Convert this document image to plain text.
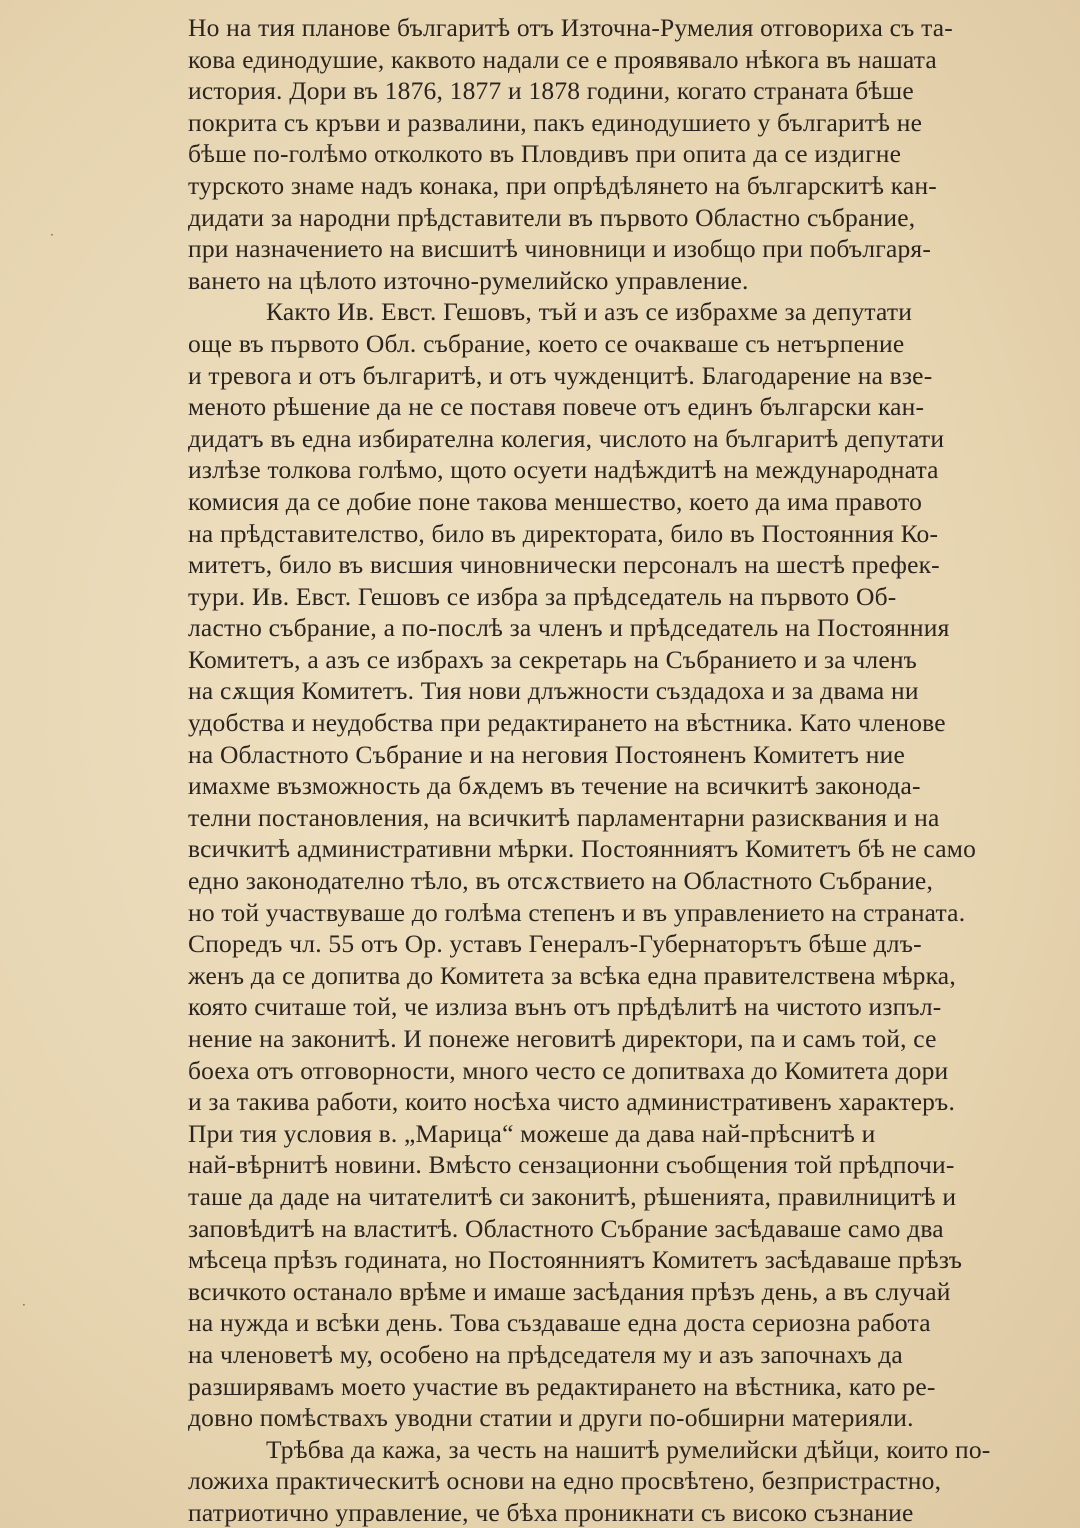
·
·
Но на тия планове българитѣ отъ Източна-Румелия отговориха съ та-
кова единодушие, каквото надали се е проявявало нѣкога въ нашата
история. Дори въ 1876, 1877 и 1878 години, когато страната бѣше
покрита съ кръви и развалини, пакъ единодушието у българитѣ не
бѣше по-голѣмо отколкото въ Пловдивъ при опита да се издигне
турското знаме надъ конака, при опрѣдѣлянето на българскитѣ кан-
дидати за народни прѣдставители въ първото Областно събрание,
при назначението на висшитѣ чиновници и изобщо при побългаря-
ването на цѣлото източно-румелийско управление.
Както Ив. Евст. Гешовъ, тъй и азъ се избрахме за депутати
още въ първото Обл. събрание, което се очакваше съ нетърпение
и тревога и отъ българитѣ, и отъ чужденцитѣ. Благодарение на взе-
меното рѣшение да не се поставя повече отъ единъ български кан-
дидатъ въ една избирателна колегия, числото на българитѣ депутати
излѣзе толкова голѣмо, щото осуети надѣждитѣ на международната
комисия да се добие поне такова меншество, което да има правото
на прѣдставителство, било въ директората, било въ Постоянния Ко-
митетъ, било въ висшия чиновнически персоналъ на шестѣ префек-
тури. Ив. Евст. Гешовъ се избра за прѣдседатель на първото Об-
ластно събрание, а по-послѣ за членъ и прѣдседатель на Постоянния
Комитетъ, а азъ се избрахъ за секретарь на Събранието и за членъ
на сѫщия Комитетъ. Тия нови длъжности създадоха и за двама ни
удобства и неудобства при редактирането на вѣстника. Като членове
на Областното Събрание и на неговия Постояненъ Комитетъ ние
имахме възможность да бѫдемъ въ течение на всичкитѣ законода-
телни постановления, на всичкитѣ парламентарни разисквания и на
всичкитѣ административни мѣрки. Постоянниятъ Комитетъ бѣ не само
едно законодателно тѣло, въ отсѫствието на Областното Събрание,
но той участвуваше до голѣма степенъ и въ управлението на страната.
Споредъ чл. 55 отъ Ор. уставъ Генералъ-Губернаторътъ бѣше длъ-
женъ да се допитва до Комитета за всѣка една правителствена мѣрка,
която считаше той, че излиза вънъ отъ прѣдѣлитѣ на чистото изпъл-
нение на законитѣ. И понеже неговитѣ директори, па и самъ той, се
боеха отъ отговорности, много често се допитваха до Комитета дори
и за такива работи, които носѣха чисто административенъ характеръ.
При тия условия в. „Марица“ можеше да дава най-прѣснитѣ и
най-вѣрнитѣ новини. Вмѣсто сензационни съобщения той прѣдпочи-
таше да даде на читателитѣ си законитѣ, рѣшенията, правилницитѣ и
заповѣдитѣ на властитѣ. Областното Събрание засѣдаваше само два
мѣсеца прѣзъ годината, но Постоянниятъ Комитетъ засѣдаваше прѣзъ
всичкото останало врѣме и имаше засѣдания прѣзъ день, а въ случай
на нужда и всѣки день. Това създаваше една доста сериозна работа
на членоветѣ му, особено на прѣдседателя му и азъ започнахъ да
разширявамъ моето участие въ редактирането на вѣстника, като ре-
довно помѣствахъ уводни статии и други по-обширни материяли.
Трѣбва да кажа, за честь на нашитѣ румелийски дѣйци, които по-
ложиха практическитѣ основи на едно просвѣтено, безпристрастно,
патриотично управление, че бѣха проникнати съ високо съзнание
